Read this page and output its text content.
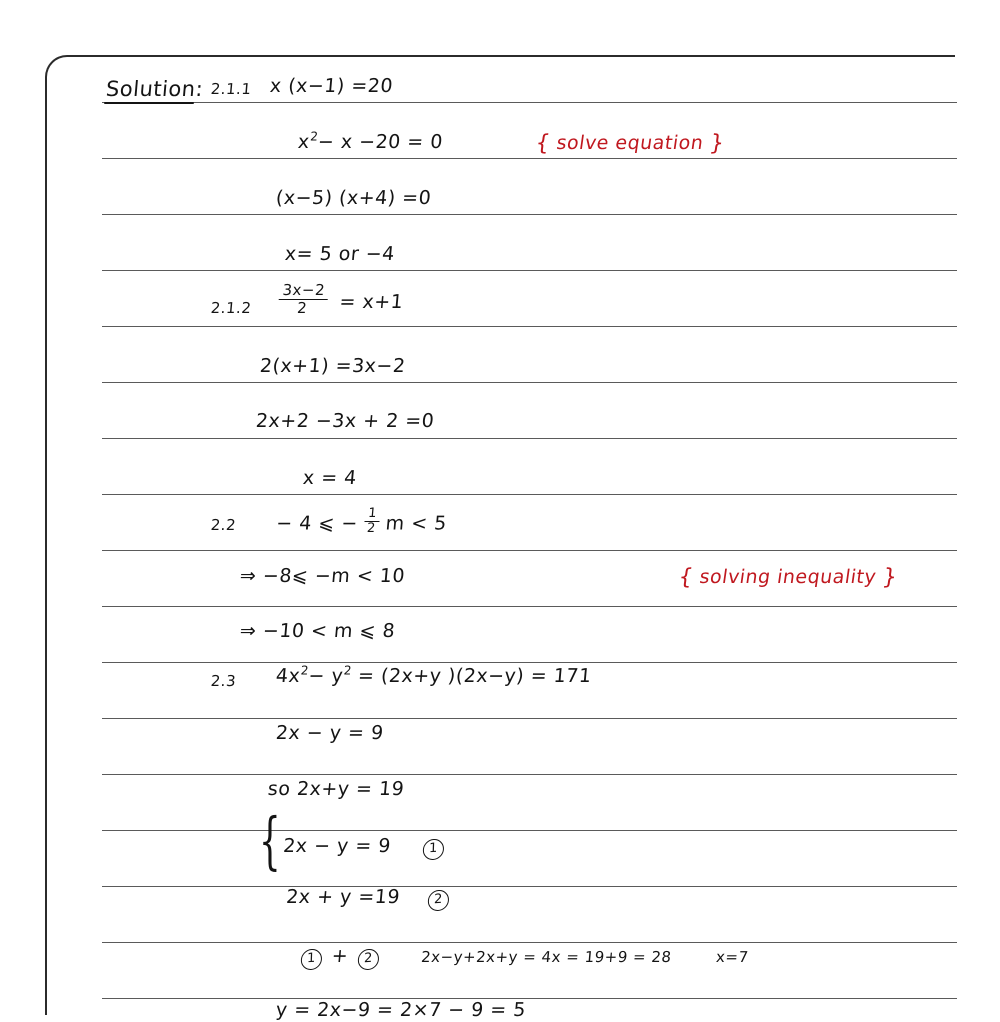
Solution: 2.1.1 x (x−1) =20
$x^2- x -20 = 0$
(x−5) (x+4) =0
x= 5 or −4
{ solve equation }
$2.1.2 \frac{3x-2}{2} = x+1$
2(x+1) =3x−2
2x+2 −3x + 2 =0
x = 4
2.2 − 4 ⩽ − $\frac{1}{2}$ m < 5
⇒ −8⩽ −m < 10
⇒ −10 < m ⩽ 8
{ solving inequality }
2.3 $4x^2- y^2 = (2x+y$ )(2x−y) = 171
2x − y = 9
so 2x+y = 19
{ 2x − y = 9	1
2x + y =19	2
1 + 2	2x−y+2x+y = 4x = 19+9 = 28	x=7
y = 2x−9 = 2×7 − 9 = 5
